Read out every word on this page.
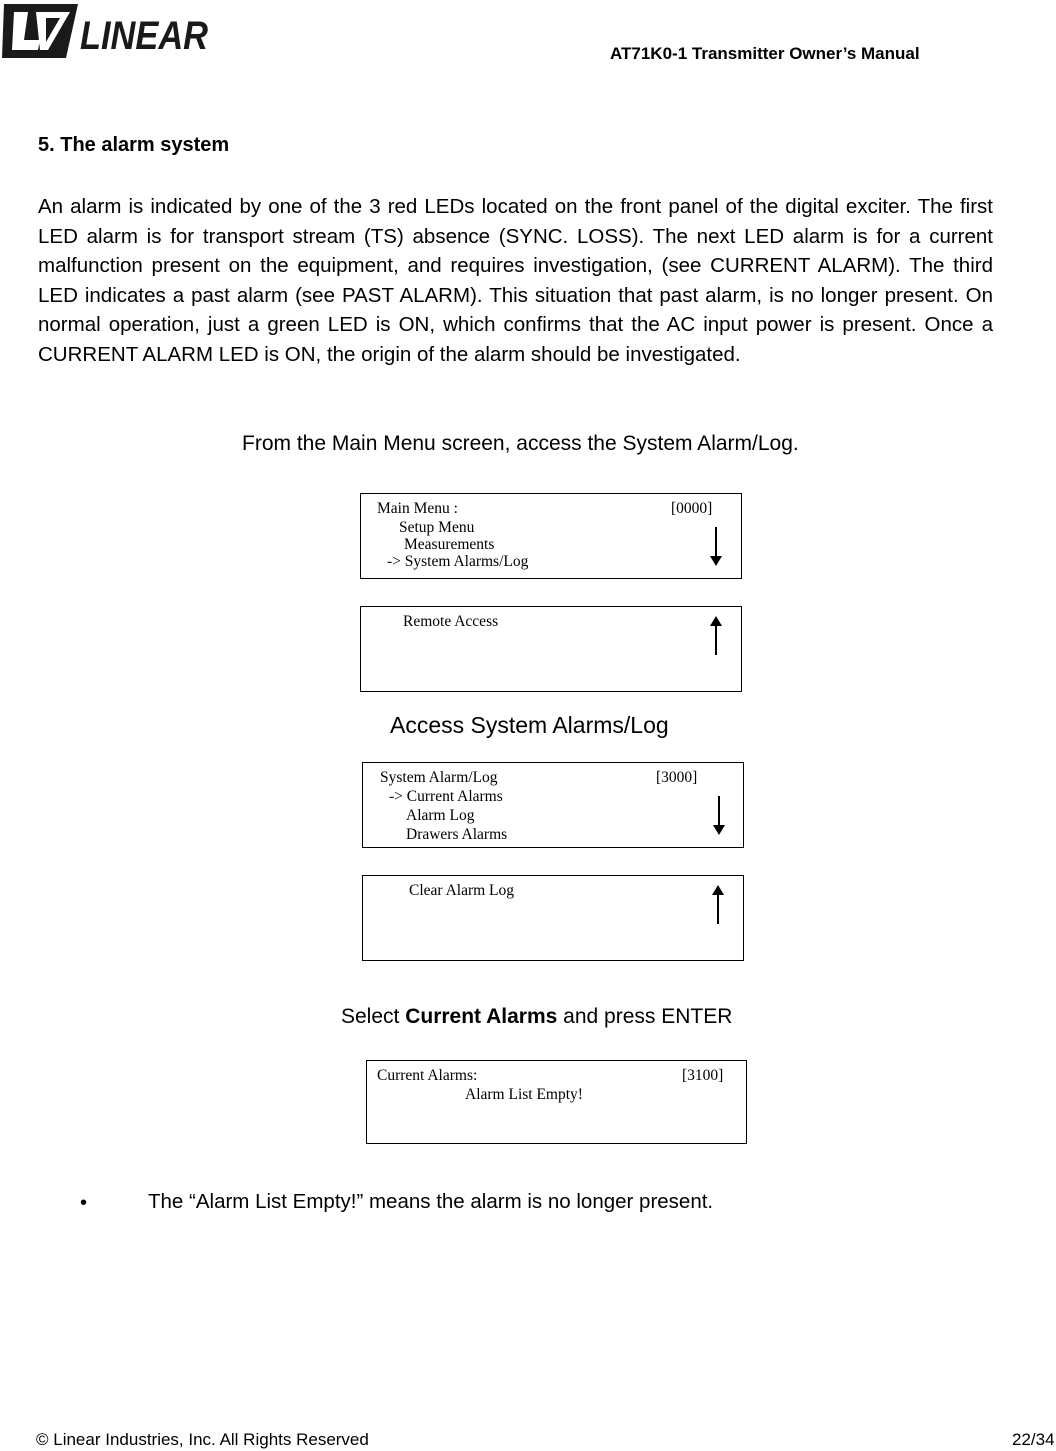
LINEAR	AT71K0-1 Transmitter Owner’s Manual
5. The alarm system
An alarm is indicated by one of the 3 red LEDs located on the front panel of the digital exciter. The first LED alarm is for transport stream (TS) absence (SYNC. LOSS). The next LED alarm is for a current malfunction present on the equipment, and requires investigation, (see CURRENT ALARM). The third LED indicates a past alarm (see PAST ALARM). This situation that past alarm, is no longer present. On normal operation, just a green LED is ON, which confirms that the AC input power is present. Once a CURRENT ALARM LED is ON, the origin of the alarm should be investigated.
From the Main Menu screen, access the System Alarm/Log.
Main Menu :	[0000]
Setup Menu
Measurements
-> System Alarms/Log
Remote Access
Access System Alarms/Log
System Alarm/Log	[3000]
-> Current Alarms
Alarm Log
Drawers Alarms
Clear Alarm Log
Select Current Alarms and press ENTER
Current Alarms:	[3100]
Alarm List Empty!
•	The “Alarm List Empty!” means the alarm is no longer present.
© Linear Industries, Inc. All Rights Reserved	22/34
